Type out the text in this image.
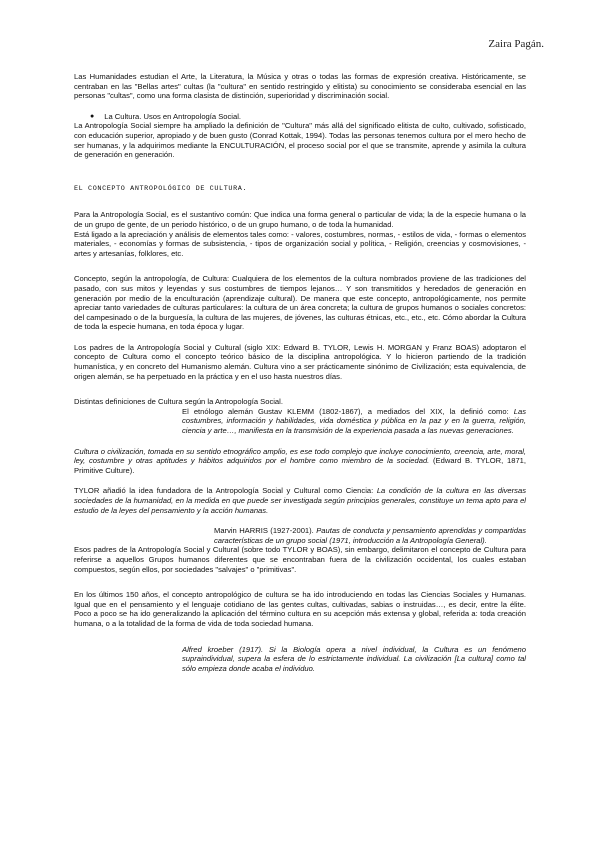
Zaira Pagán.

Las Humanidades estudian el Arte, la Literatura, la Música y otras o todas las formas de expresión creativa. Históricamente, se centraban en las "Bellas artes" cultas (la "cultura" en sentido restringido y elitista) su conocimiento se consideraba esencial en las personas "cultas", como una forma clasista de distinción, superioridad y discriminación social.

● La Cultura. Usos en Antropología Social.

La Antropología Social siempre ha ampliado la definición de "Cultura" más allá del significado elitista de culto, cultivado, sofisticado, con educación superior, apropiado y de buen gusto (Conrad Kottak, 1994). Todas las personas tenemos cultura por el mero hecho de ser humanas, y la adquirimos mediante la ENCULTURACIÓN, el proceso social por el que se transmite, aprende y asimila la cultura de generación en generación.

EL CONCEPTO ANTROPOLÓGICO DE CULTURA.

Para la Antropología Social, es el sustantivo común: Que indica una forma general o particular de vida; la de la especie humana o la de un grupo de gente, de un periodo histórico, o de un grupo humano, o de toda la humanidad.

Está ligado a la apreciación y análisis de elementos tales como: - valores, costumbres, normas, - estilos de vida, - formas o elementos materiales, - economías y formas de subsistencia, - tipos de organización social y política, - Religión, creencias y cosmovisiones, - artes y artesanías, folklores, etc.

Concepto, según la antropología, de Cultura: Cualquiera de los elementos de la cultura nombrados proviene de las tradiciones del pasado, con sus mitos y leyendas y sus costumbres de tiempos lejanos… Y son transmitidos y heredados de generación en generación por medio de la enculturación (aprendizaje cultural). De manera que este concepto, antropológicamente, nos permite apreciar tanto variedades de culturas particulares: la cultura de un área concreta; la cultura de grupos humanos o sociales concretos: del campesinado o de la burguesía, la cultura de las mujeres, de jóvenes, las culturas étnicas, etc., etc., etc. Cómo abordar la Cultura de toda la especie humana, en toda época y lugar.

Los padres de la Antropología Social y Cultural (siglo XIX: Edward B. TYLOR, Lewis H. MORGAN y Franz BOAS) adoptaron el concepto de Cultura como el concepto teórico básico de la disciplina antropológica. Y lo hicieron partiendo de la tradición humanística, y en concreto del Humanismo alemán. Cultura vino a ser prácticamente sinónimo de Civilización; esta equivalencia, de origen alemán, se ha perpetuado en la práctica y en el uso hasta nuestros días.

Distintas definiciones de Cultura según la Antropología Social.

El etnólogo alemán Gustav KLEMM (1802-1867), a mediados del XIX, la definió como: Las costumbres, información y habilidades, vida doméstica y pública en la paz y en la guerra, religión, ciencia y arte…, manifiesta en la transmisión de la experiencia pasada a las nuevas generaciones.

Cultura o civilización, tomada en su sentido etnográfico amplio, es ese todo complejo que incluye conocimiento, creencia, arte, moral, ley, costumbre y otras aptitudes y hábitos adquiridos por el hombre como miembro de la sociedad. (Edward B. TYLOR, 1871, Primitive Culture).

TYLOR añadió la idea fundadora de la Antropología Social y Cultural como Ciencia: La condición de la cultura en las diversas sociedades de la humanidad, en la medida en que puede ser investigada según principios generales, constituye un tema apto para el estudio de la leyes del pensamiento y la acción humanas.

Marvin HARRIS (1927-2001). Pautas de conducta y pensamiento aprendidas y compartidas características de un grupo social (1971, introducción a la Antropología General).

Esos padres de la Antropología Social y Cultural (sobre todo TYLOR y BOAS), sin embargo, delimitaron el concepto de Cultura para referirse a aquellos Grupos humanos diferentes que se encontraban fuera de la civilización occidental, los cuales estaban compuestos, según ellos, por sociedades "salvajes" o "primitivas".

En los últimos 150 años, el concepto antropológico de cultura se ha ido introduciendo en todas las Ciencias Sociales y Humanas. Igual que en el pensamiento y el lenguaje cotidiano de las gentes cultas, cultivadas, sabias o instruidas…, es decir, entre la élite. Poco a poco se ha ido generalizando la aplicación del término cultura en su acepción más extensa y global, referida a: toda creación humana, o a la totalidad de la forma de vida de toda sociedad humana.

Alfred kroeber (1917). Si la Biología opera a nivel individual, la Cultura es un fenómeno supraindividual, supera la esfera de lo estrictamente individual. La civilización [La cultura] como tal sólo empieza donde acaba el individuo.
